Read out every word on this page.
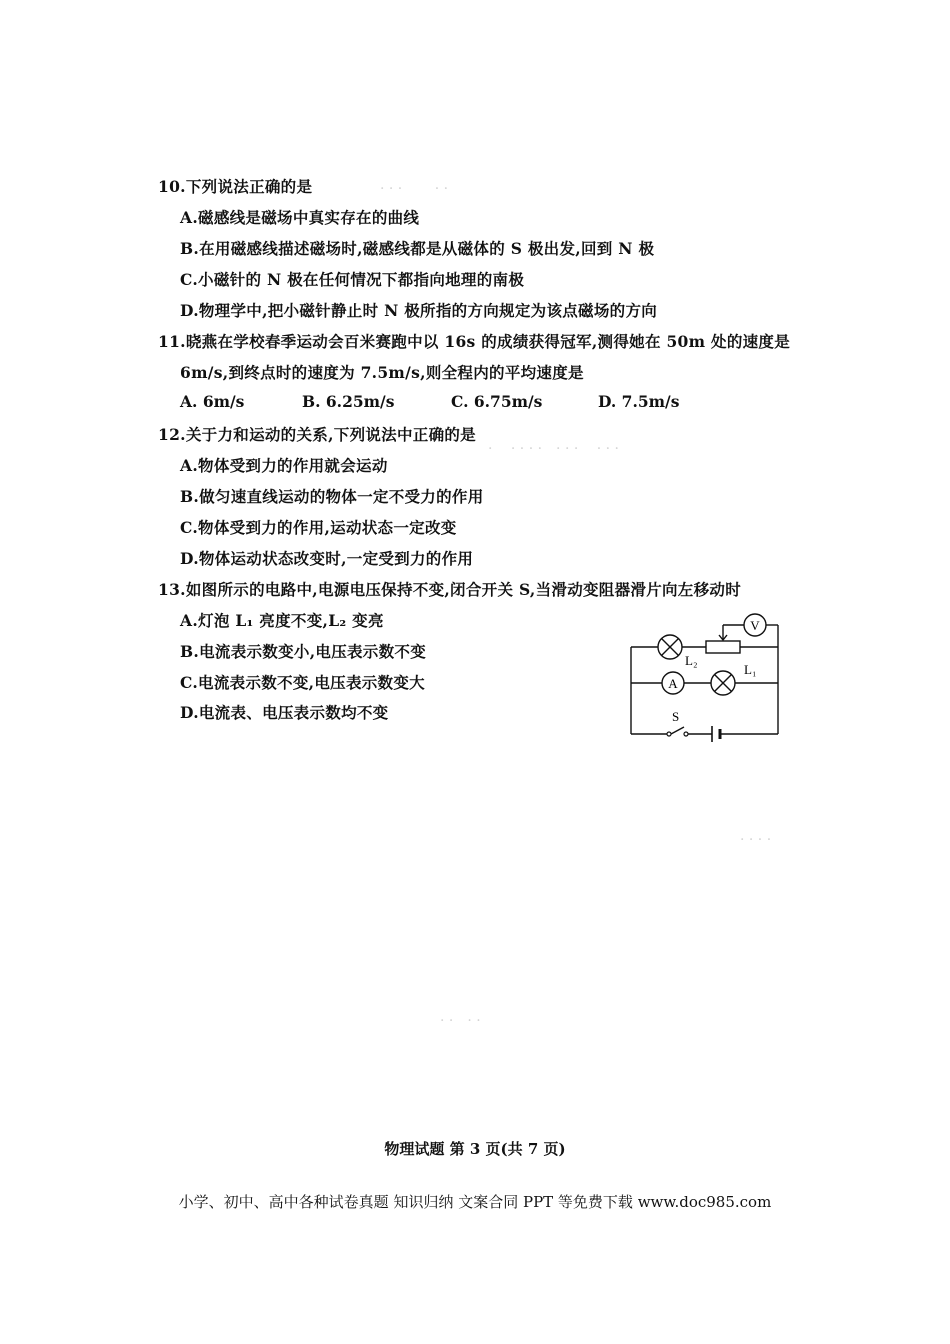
· · ·　　 · ·
·　 · · · ·　· · ·　 · · ·
· · · ·
· ·　· ·
10.下列说法正确的是
A.磁感线是磁场中真实存在的曲线
B.在用磁感线描述磁场时,磁感线都是从磁体的 S 极出发,回到 N 极
C.小磁针的 N 极在任何情况下都指向地理的南极
D.物理学中,把小磁针静止时 N 极所指的方向规定为该点磁场的方向
11.晓燕在学校春季运动会百米赛跑中以 16s 的成绩获得冠军,测得她在 50m 处的速度是
6m/s,到终点时的速度为 7.5m/s,则全程内的平均速度是
A. 6m/s	B. 6.25m/s	C. 6.75m/s	D. 7.5m/s
12.关于力和运动的关系,下列说法中正确的是
A.物体受到力的作用就会运动
B.做匀速直线运动的物体一定不受力的作用
C.物体受到力的作用,运动状态一定改变
D.物体运动状态改变时,一定受到力的作用
13.如图所示的电路中,电源电压保持不变,闭合开关 S,当滑动变阻器滑片向左移动时
A.灯泡 L₁ 亮度不变,L₂ 变亮
B.电流表示数变小,电压表示数不变
C.电流表示数不变,电压表示数变大
D.电流表、电压表示数均不变
V
A
L₂
L₁
S
物理试题 第 3 页(共 7 页)
小学、初中、高中各种试卷真题 知识归纳 文案合同 PPT 等免费下载 www.doc985.com
